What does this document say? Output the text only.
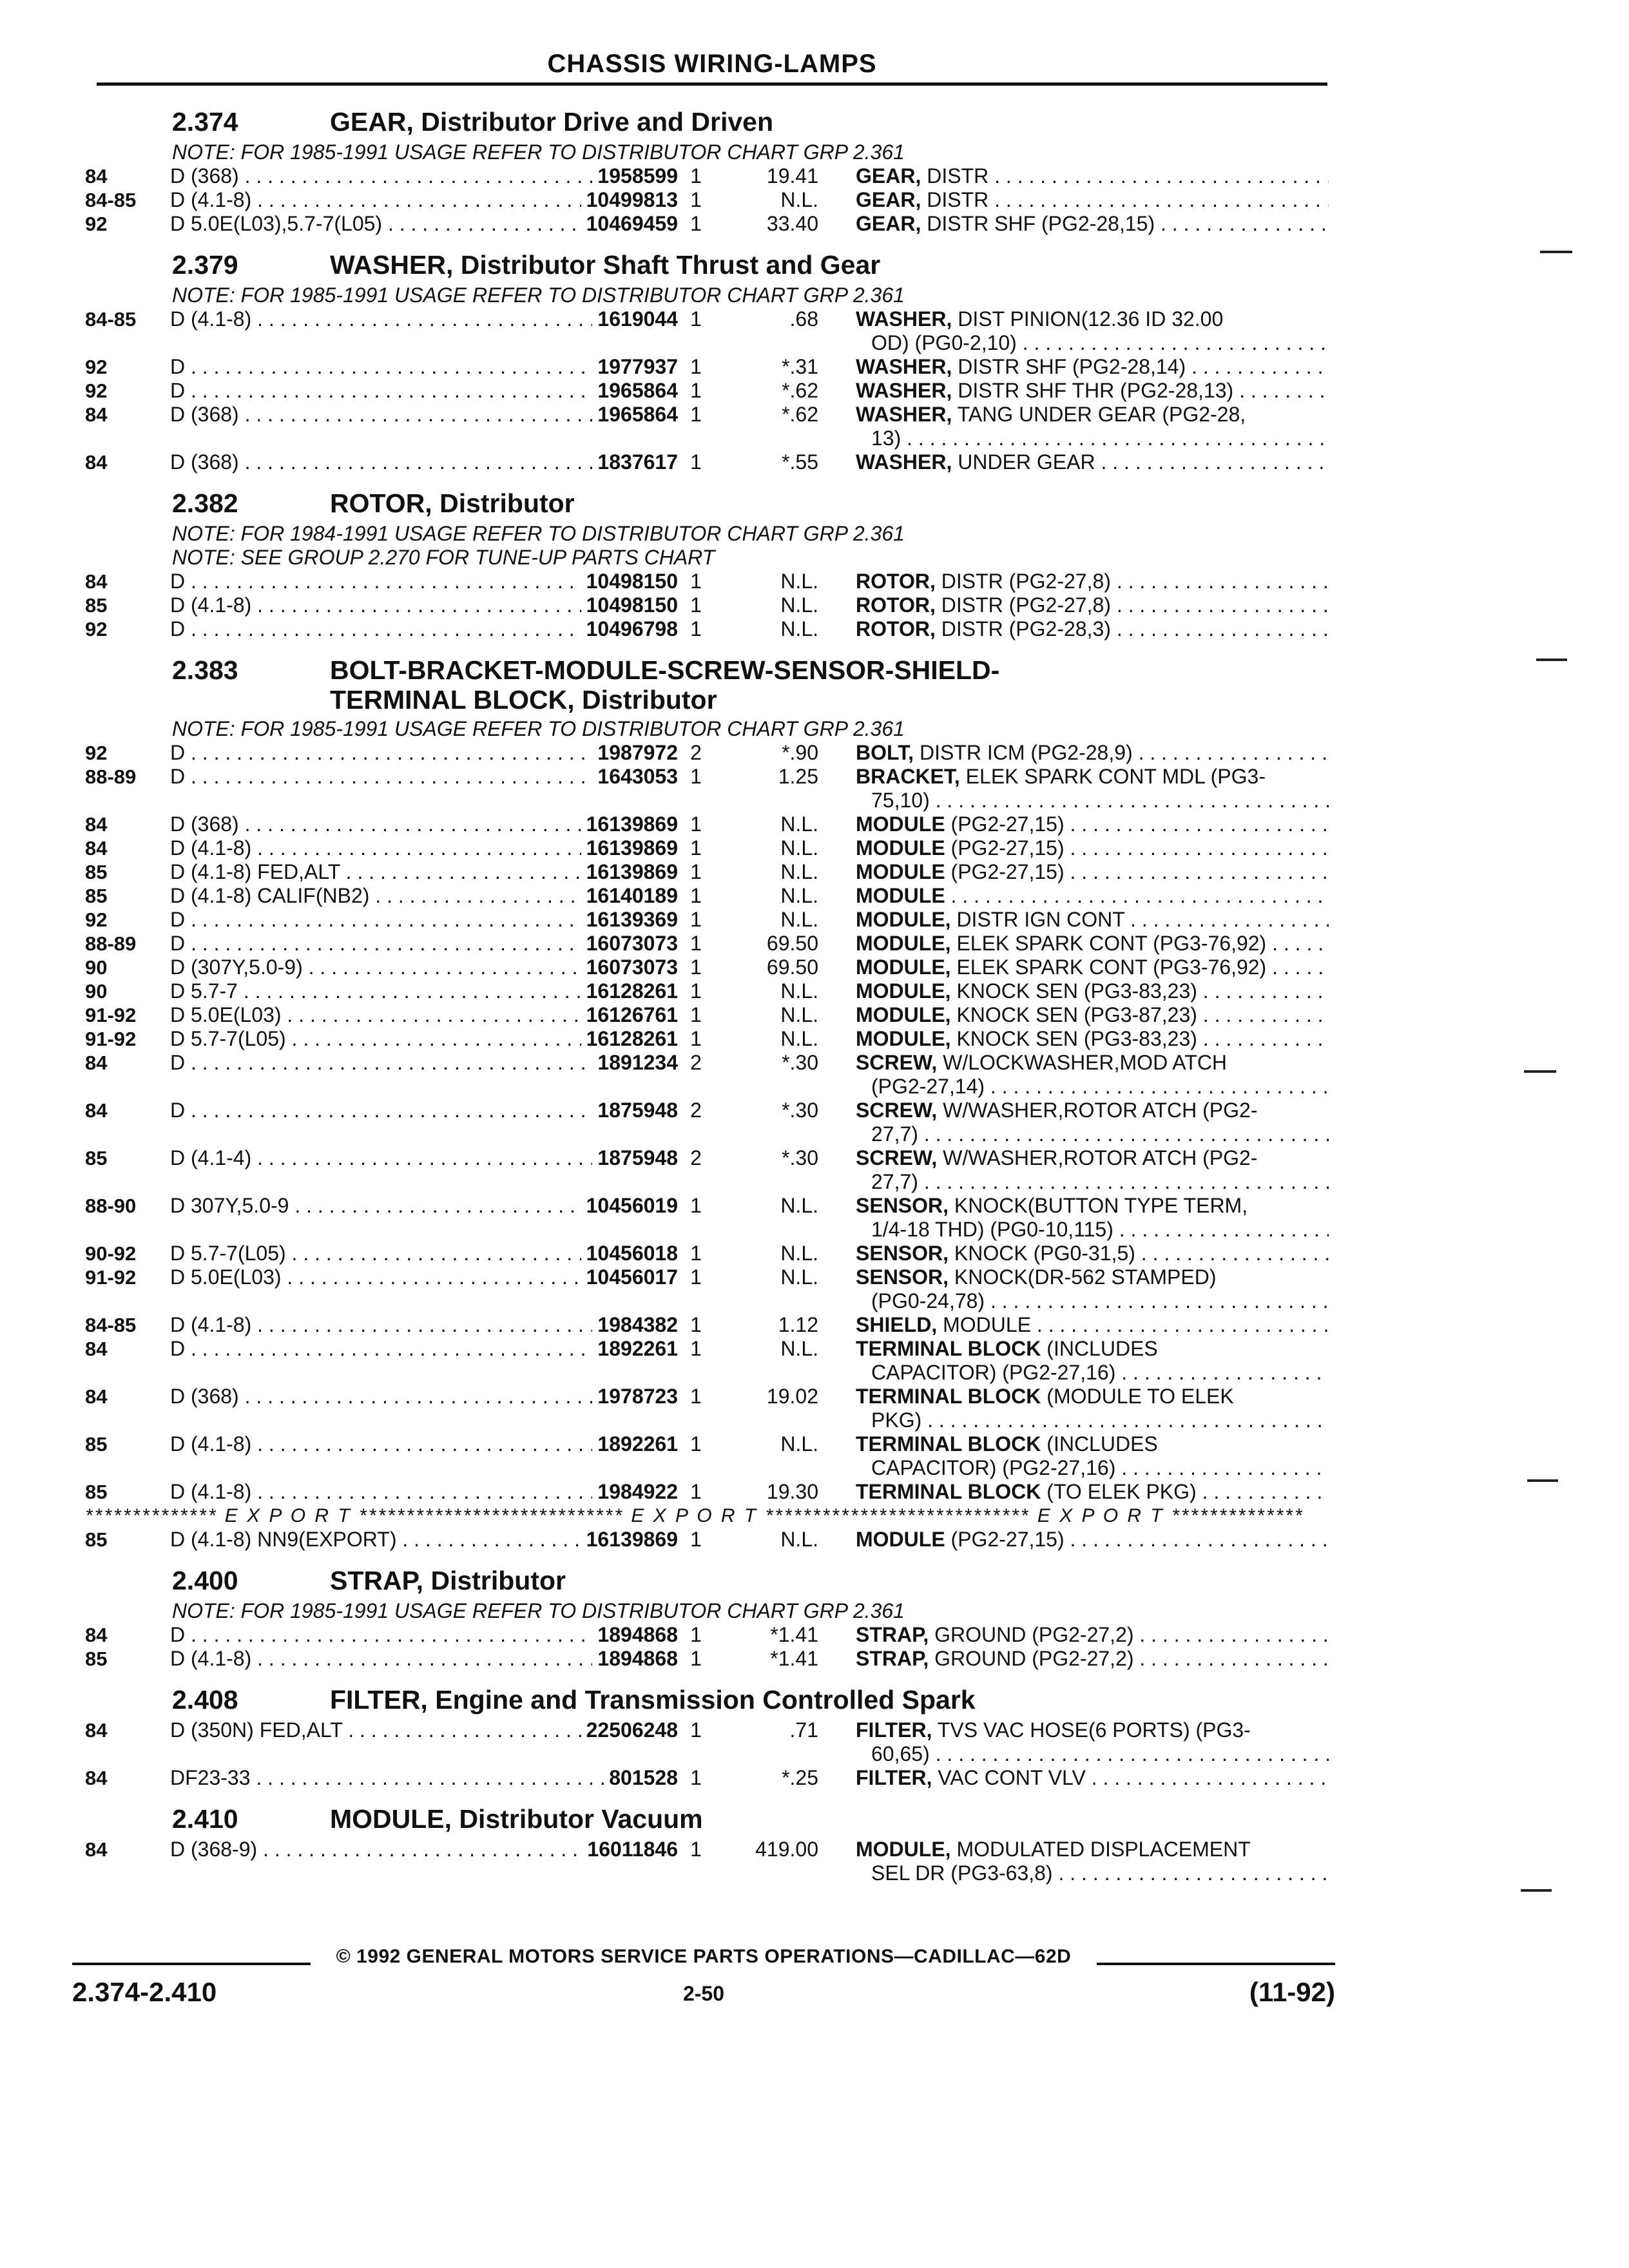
CHASSIS WIRING-LAMPS
2.374	GEAR, Distributor Drive and Driven
NOTE: FOR 1985-1991 USAGE REFER TO DISTRIBUTOR CHART GRP 2.361
84	D (368) . . .	1958599 1	19.41 GEAR, DISTR . . .
84-85	D (4.1-8) . . .	10499813 1	N.L. GEAR, DISTR . . .
92	D 5.0E(L03),5.7-7(L05) . . .	10469459 1	33.40 GEAR, DISTR SHF (PG2-28,15) . . .
2.379	WASHER, Distributor Shaft Thrust and Gear
NOTE: FOR 1985-1991 USAGE REFER TO DISTRIBUTOR CHART GRP 2.361
84-85	D (4.1-8) . . .	1619044 1	.68 WASHER, DIST PINION(12.36 ID 32.00
OD) (PG0-2,10) . . .
92	D . . .	1977937 1	*.31 WASHER, DISTR SHF (PG2-28,14) . . .
92	D . . .	1965864 1	*.62 WASHER, DISTR SHF THR (PG2-28,13) . . .
84	D (368) . . .	1965864 1	*.62 WASHER, TANG UNDER GEAR (PG2-28,
13) . . .
84	D (368) . . .	1837617 1	*.55 WASHER, UNDER GEAR . . .
2.382	ROTOR, Distributor
NOTE: FOR 1984-1991 USAGE REFER TO DISTRIBUTOR CHART GRP 2.361
NOTE: SEE GROUP 2.270 FOR TUNE-UP PARTS CHART
84	D . . .	10498150 1	N.L. ROTOR, DISTR (PG2-27,8) . . .
85	D (4.1-8) . . .	10498150 1	N.L. ROTOR, DISTR (PG2-27,8) . . .
92	D . . .	10496798 1	N.L. ROTOR, DISTR (PG2-28,3) . . .
2.383	BOLT-BRACKET-MODULE-SCREW-SENSOR-SHIELD-
TERMINAL BLOCK, Distributor
NOTE: FOR 1985-1991 USAGE REFER TO DISTRIBUTOR CHART GRP 2.361
92	D . . .	1987972 2	*.90 BOLT, DISTR ICM (PG2-28,9) . . .
88-89	D . . .	1643053 1	1.25 BRACKET, ELEK SPARK CONT MDL (PG3-
75,10) . . .
84	D (368) . . .	16139869 1	N.L. MODULE (PG2-27,15) . . .
84	D (4.1-8) . . .	16139869 1	N.L. MODULE (PG2-27,15) . . .
85	D (4.1-8) FED,ALT . . .	16139869 1	N.L. MODULE (PG2-27,15) . . .
85	D (4.1-8) CALIF(NB2) . . .	16140189 1	N.L. MODULE . . .
92	D . . .	16139369 1	N.L. MODULE, DISTR IGN CONT . . .
88-89	D . . .	16073073 1	69.50 MODULE, ELEK SPARK CONT (PG3-76,92) . . .
90	D (307Y,5.0-9) . . .	16073073 1	69.50 MODULE, ELEK SPARK CONT (PG3-76,92) . . .
90	D 5.7-7 . . .	16128261 1	N.L. MODULE, KNOCK SEN (PG3-83,23) . . .
91-92	D 5.0E(L03) . . .	16126761 1	N.L. MODULE, KNOCK SEN (PG3-87,23) . . .
91-92	D 5.7-7(L05) . . .	16128261 1	N.L. MODULE, KNOCK SEN (PG3-83,23) . . .
84	D . . .	1891234 2	*.30 SCREW, W/LOCKWASHER,MOD ATCH
(PG2-27,14) . . .
84	D . . .	1875948 2	*.30 SCREW, W/WASHER,ROTOR ATCH (PG2-
27,7) . . .
85	D (4.1-4) . . .	1875948 2	*.30 SCREW, W/WASHER,ROTOR ATCH (PG2-
27,7) . . .
88-90	D 307Y,5.0-9 . . .	10456019 1	N.L. SENSOR, KNOCK(BUTTON TYPE TERM,
1/4-18 THD) (PG0-10,115) . . .
90-92	D 5.7-7(L05) . . .	10456018 1	N.L. SENSOR, KNOCK (PG0-31,5) . . .
91-92	D 5.0E(L03) . . .	10456017 1	N.L. SENSOR, KNOCK(DR-562 STAMPED)
(PG0-24,78) . . .
84-85	D (4.1-8) . . .	1984382 1	1.12 SHIELD, MODULE . . .
84	D . . .	1892261 1	N.L. TERMINAL BLOCK (INCLUDES
CAPACITOR) (PG2-27,16) . . .
84	D (368) . . .	1978723 1	19.02 TERMINAL BLOCK (MODULE TO ELEK
PKG) . . .
85	D (4.1-8) . . .	1892261 1	N.L. TERMINAL BLOCK (INCLUDES
CAPACITOR) (PG2-27,16) . . .
85	D (4.1-8) . . .	1984922 1	19.30 TERMINAL BLOCK (TO ELEK PKG) . . .
************** E X P O R T **************************** E X P O R T **************************** E X P O R T **************
85	D (4.1-8) NN9(EXPORT) . . .	16139869 1	N.L. MODULE (PG2-27,15) . . .
2.400	STRAP, Distributor
NOTE: FOR 1985-1991 USAGE REFER TO DISTRIBUTOR CHART GRP 2.361
84	D . . .	1894868 1	*1.41 STRAP, GROUND (PG2-27,2) . . .
85	D (4.1-8) . . .	1894868 1	*1.41 STRAP, GROUND (PG2-27,2) . . .
2.408	FILTER, Engine and Transmission Controlled Spark
84	D (350N) FED,ALT . . .	22506248 1	.71 FILTER, TVS VAC HOSE(6 PORTS) (PG3-
60,65) . . .
84	DF23-33 . . .	801528 1	*.25 FILTER, VAC CONT VLV . . .
2.410	MODULE, Distributor Vacuum
84	D (368-9) . . .	16011846 1	419.00 MODULE, MODULATED DISPLACEMENT
SEL DR (PG3-63,8) . . .
© 1992 GENERAL MOTORS SERVICE PARTS OPERATIONS—CADILLAC—62D
2.374-2.410	2-50	(11-92)
